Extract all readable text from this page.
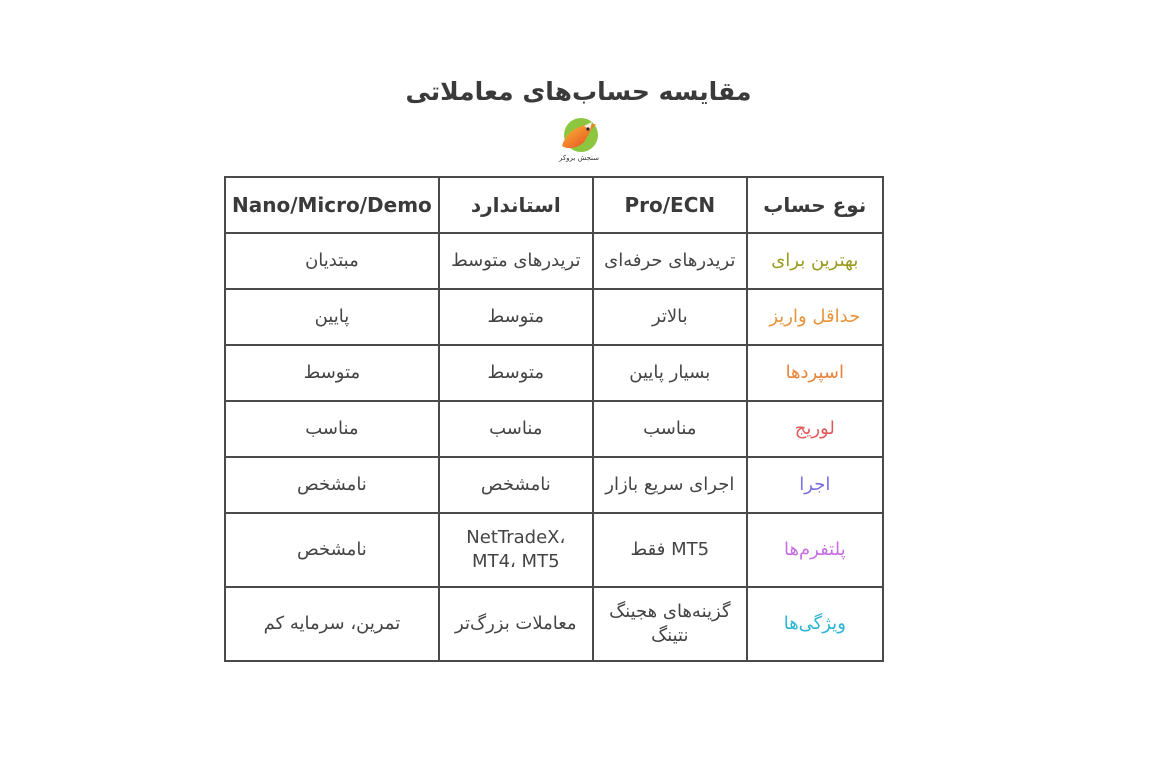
مقایسه حساب‌های معاملاتی
سنجش بروکر
Nano/Micro/Demo	استاندارد	Pro/ECN	نوع حساب
مبتدیان	تریدرهای متوسط	تریدرهای حرفه‌ای	بهترین برای
پایین	متوسط	بالاتر	حداقل واریز
متوسط	متوسط	بسیار پایین	اسپردها
مناسب	مناسب	مناسب	لوریج
نامشخص	نامشخص	اجرای سریع بازار	اجرا
نامشخص	NetTradeX، MT4، MT5	MT5 فقط	پلتفرم‌ها
تمرین، سرمایه کم	معاملات بزرگ‌تر	گزینه‌های هجینگ نتینگ	ویژگی‌ها
